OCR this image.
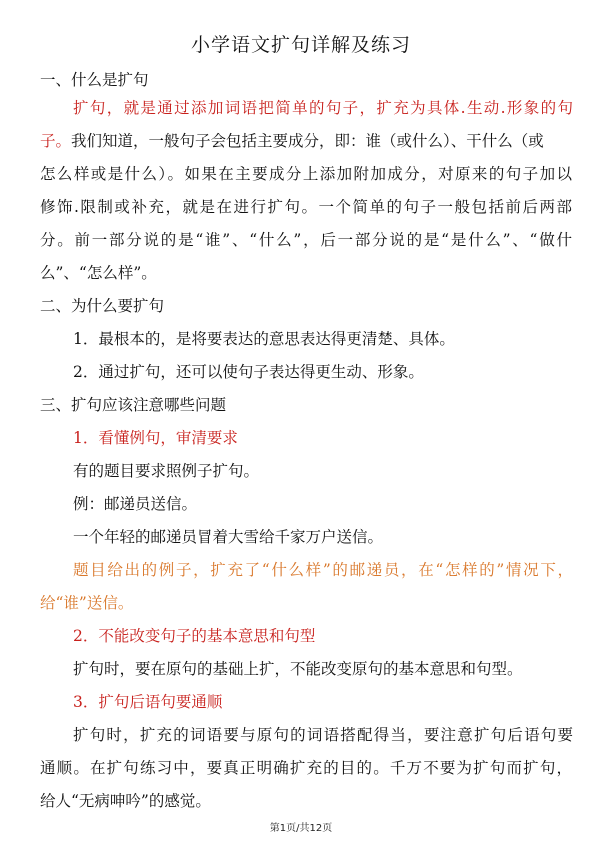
小学语文扩句详解及练习
一、什么是扩句
扩句，就是通过添加词语把简单的句子，扩充为具体.生动.形象的句
子。我们知道，一般句子会包括主要成分，即：谁（或什么）、干什么（或
怎么样或是什么）。如果在主要成分上添加附加成分，对原来的句子加以
修饰.限制或补充，就是在进行扩句。一个简单的句子一般包括前后两部
分。前一部分说的是“谁”、“什么”，后一部分说的是“是什么”、“做什
么”、“怎么样”。
二、为什么要扩句
1．最根本的，是将要表达的意思表达得更清楚、具体。
2．通过扩句，还可以使句子表达得更生动、形象。
三、扩句应该注意哪些问题
1．看懂例句，审清要求
有的题目要求照例子扩句。
例：邮递员送信。
一个年轻的邮递员冒着大雪给千家万户送信。
题目给出的例子，扩充了“什么样”的邮递员，在“怎样的”情况下，
给“谁”送信。
2．不能改变句子的基本意思和句型
扩句时，要在原句的基础上扩，不能改变原句的基本意思和句型。
3．扩句后语句要通顺
扩句时，扩充的词语要与原句的词语搭配得当，要注意扩句后语句要
通顺。在扩句练习中，要真正明确扩充的目的。千万不要为扩句而扩句，
给人“无病呻吟”的感觉。
第1页/共12页
